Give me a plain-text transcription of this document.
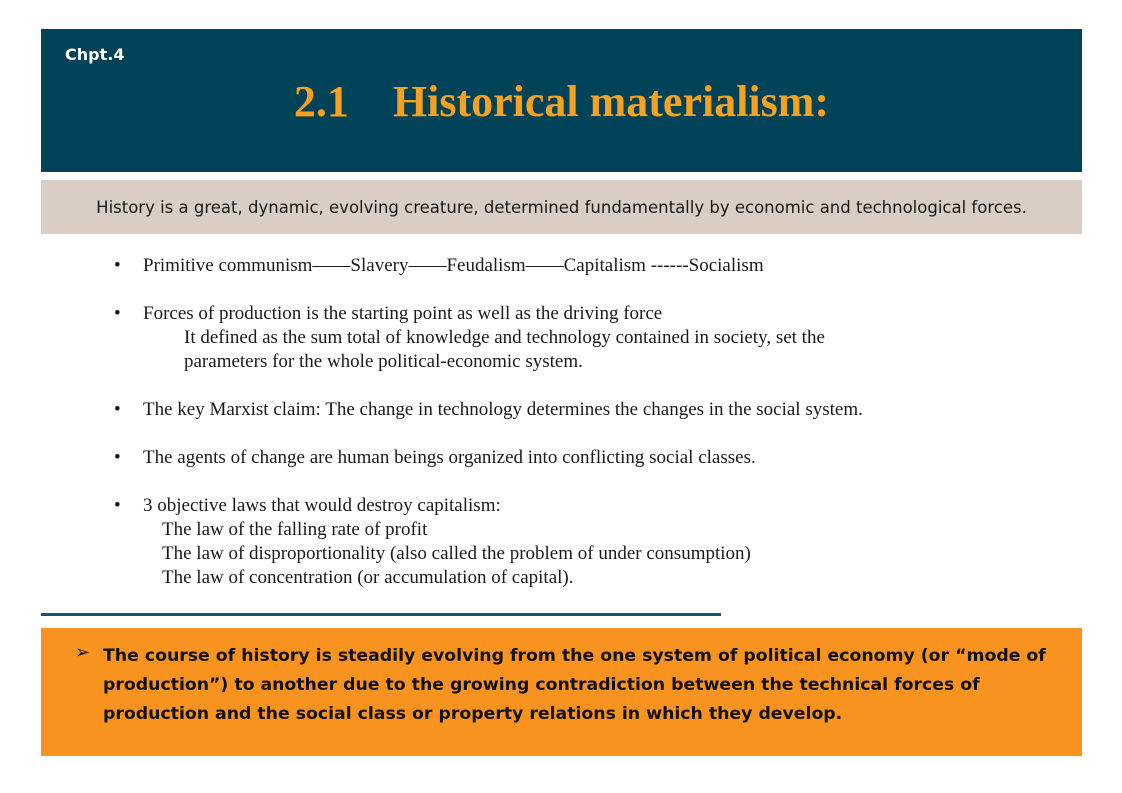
Chpt.4
2.1 Historical materialism:
History is a great, dynamic, evolving creature, determined fundamentally by economic and technological forces.
• Primitive communism——Slavery——Feudalism——Capitalism ------Socialism
• Forces of production is the starting point as well as the driving force
It defined as the sum total of knowledge and technology contained in society, set the
parameters for the whole political-economic system.
• The key Marxist claim: The change in technology determines the changes in the social system.
• The agents of change are human beings organized into conflicting social classes.
• 3 objective laws that would destroy capitalism:
The law of the falling rate of profit
The law of disproportionality (also called the problem of under consumption)
The law of concentration (or accumulation of capital).
➢ The course of history is steadily evolving from the one system of political economy (or “mode of production”) to another due to the growing contradiction between the technical forces of production and the social class or property relations in which they develop.
